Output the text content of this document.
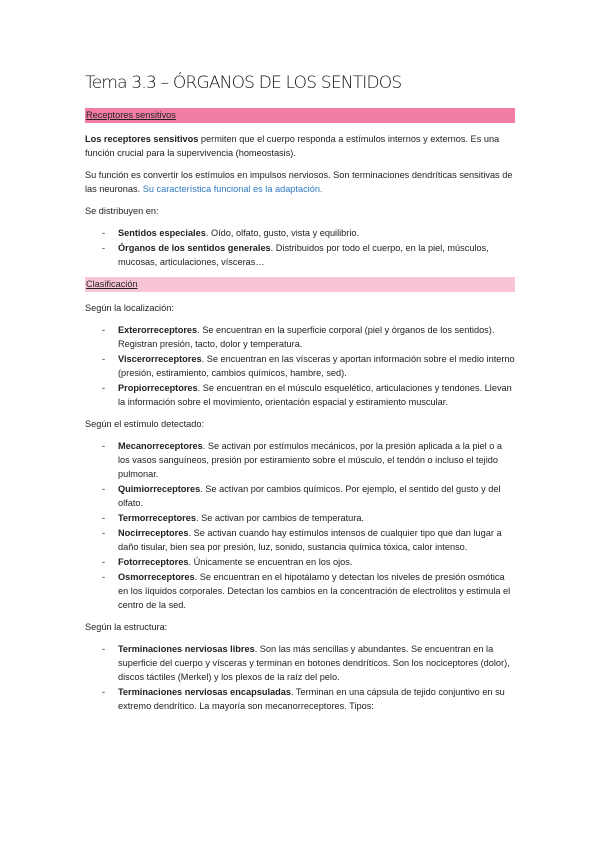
Tema 3.3 – ÓRGANOS DE LOS SENTIDOS
Receptores sensitivos

Los receptores sensitivos permiten que el cuerpo responda a estímulos internos y externos. Es una función crucial para la supervivencia (homeostasis).

Su función es convertir los estímulos en impulsos nerviosos. Son terminaciones dendríticas sensitivas de las neuronas. Su característica funcional es la adaptación.

Se distribuyen en:

- Sentidos especiales. Oído, olfato, gusto, vista y equilibrio.
- Órganos de los sentidos generales. Distribuidos por todo el cuerpo, en la piel, músculos, mucosas, articulaciones, vísceras…
Clasificación

Según la localización:

- Exterorreceptores. Se encuentran en la superficie corporal (piel y órganos de los sentidos). Registran presión, tacto, dolor y temperatura.
- Viscerorreceptores. Se encuentran en las vísceras y aportan información sobre el medio interno (presión, estiramiento, cambios químicos, hambre, sed).
- Propiorreceptores. Se encuentran en el músculo esquelético, articulaciones y tendones. Llevan la información sobre el movimiento, orientación espacial y estiramiento muscular.

Según el estímulo detectado:

- Mecanorreceptores. Se activan por estímulos mecánicos, por la presión aplicada a la piel o a los vasos sanguíneos, presión por estiramiento sobre el músculo, el tendón o incluso el tejido pulmonar.
- Quimiorreceptores. Se activan por cambios químicos. Por ejemplo, el sentido del gusto y del olfato.
- Termorreceptores. Se activan por cambios de temperatura.
- Nocirreceptores. Se activan cuando hay estímulos intensos de cualquier tipo que dan lugar a daño tisular, bien sea por presión, luz, sonido, sustancia química tóxica, calor intenso.
- Fotorreceptores. Únicamente se encuentran en los ojos.
- Osmorreceptores. Se encuentran en el hipotálamo y detectan los niveles de presión osmótica en los líquidos corporales. Detectan los cambios en la concentración de electrolitos y estimula el centro de la sed.

Según la estructura:

- Terminaciones nerviosas libres. Son las más sencillas y abundantes. Se encuentran en la superficie del cuerpo y vísceras y terminan en botones dendríticos. Son los nociceptores (dolor), discos táctiles (Merkel) y los plexos de la raíz del pelo.
- Terminaciones nerviosas encapsuladas. Terminan en una cápsula de tejido conjuntivo en su extremo dendrítico. La mayoría son mecanorreceptores. Tipos:
